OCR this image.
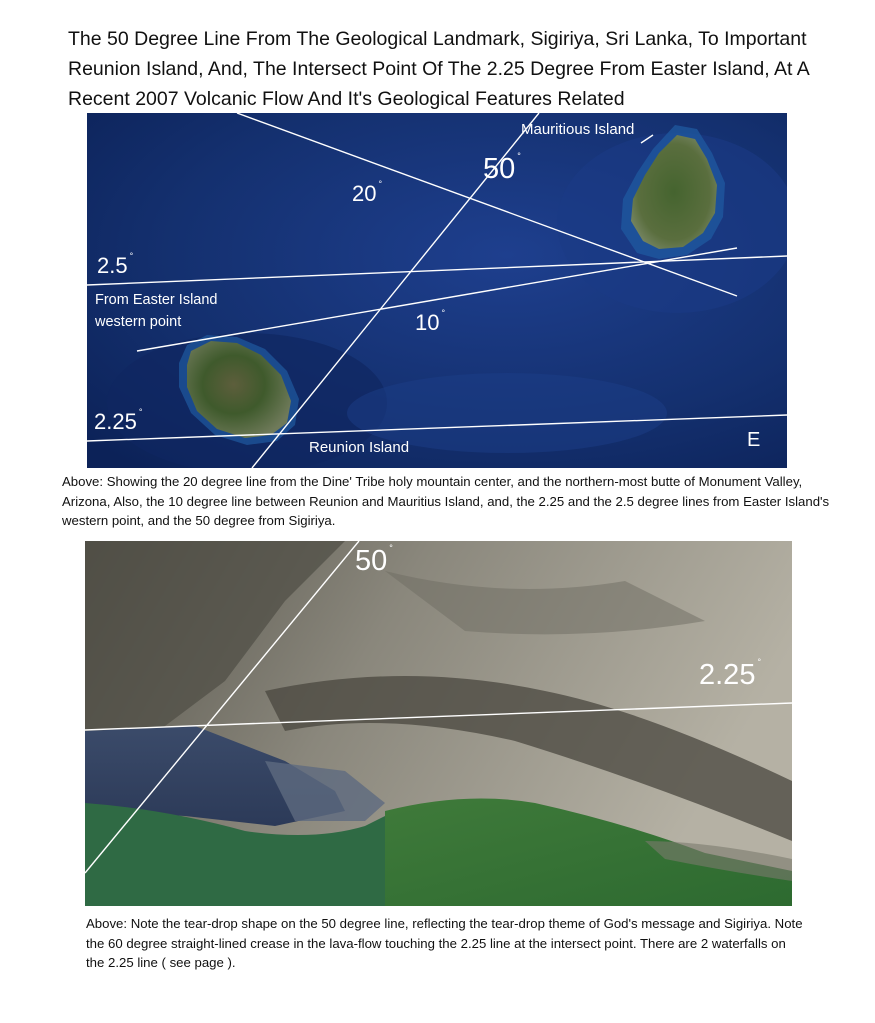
The 50 Degree Line From The Geological Landmark, Sigiriya, Sri Lanka, To Important Reunion Island, And, The Intersect Point Of The 2.25 Degree From Easter Island, At A Recent 2007 Volcanic Flow And It's Geological Features Related
Mauritious Island
50 °
20 °
2.5 °
From Easter Island
western point	10 °
2.25 °
Reunion Island	E
Above: Showing the 20 degree line from the Dine' Tribe holy mountain center, and the northern-most butte of Monument Valley, Arizona, Also, the 10 degree line between Reunion and Mauritius Island, and, the 2.25 and the 2.5 degree lines from Easter Island's western point, and the 50 degree from Sigiriya.
50 °
2.25 °
Above: Note the tear-drop shape on the 50 degree line, reflecting the tear-drop theme of God's message and Sigiriya. Note the 60 degree straight-lined crease in the lava-flow touching the 2.25 line at the intersect point. There are 2 waterfalls on the 2.25 line ( see page ).
